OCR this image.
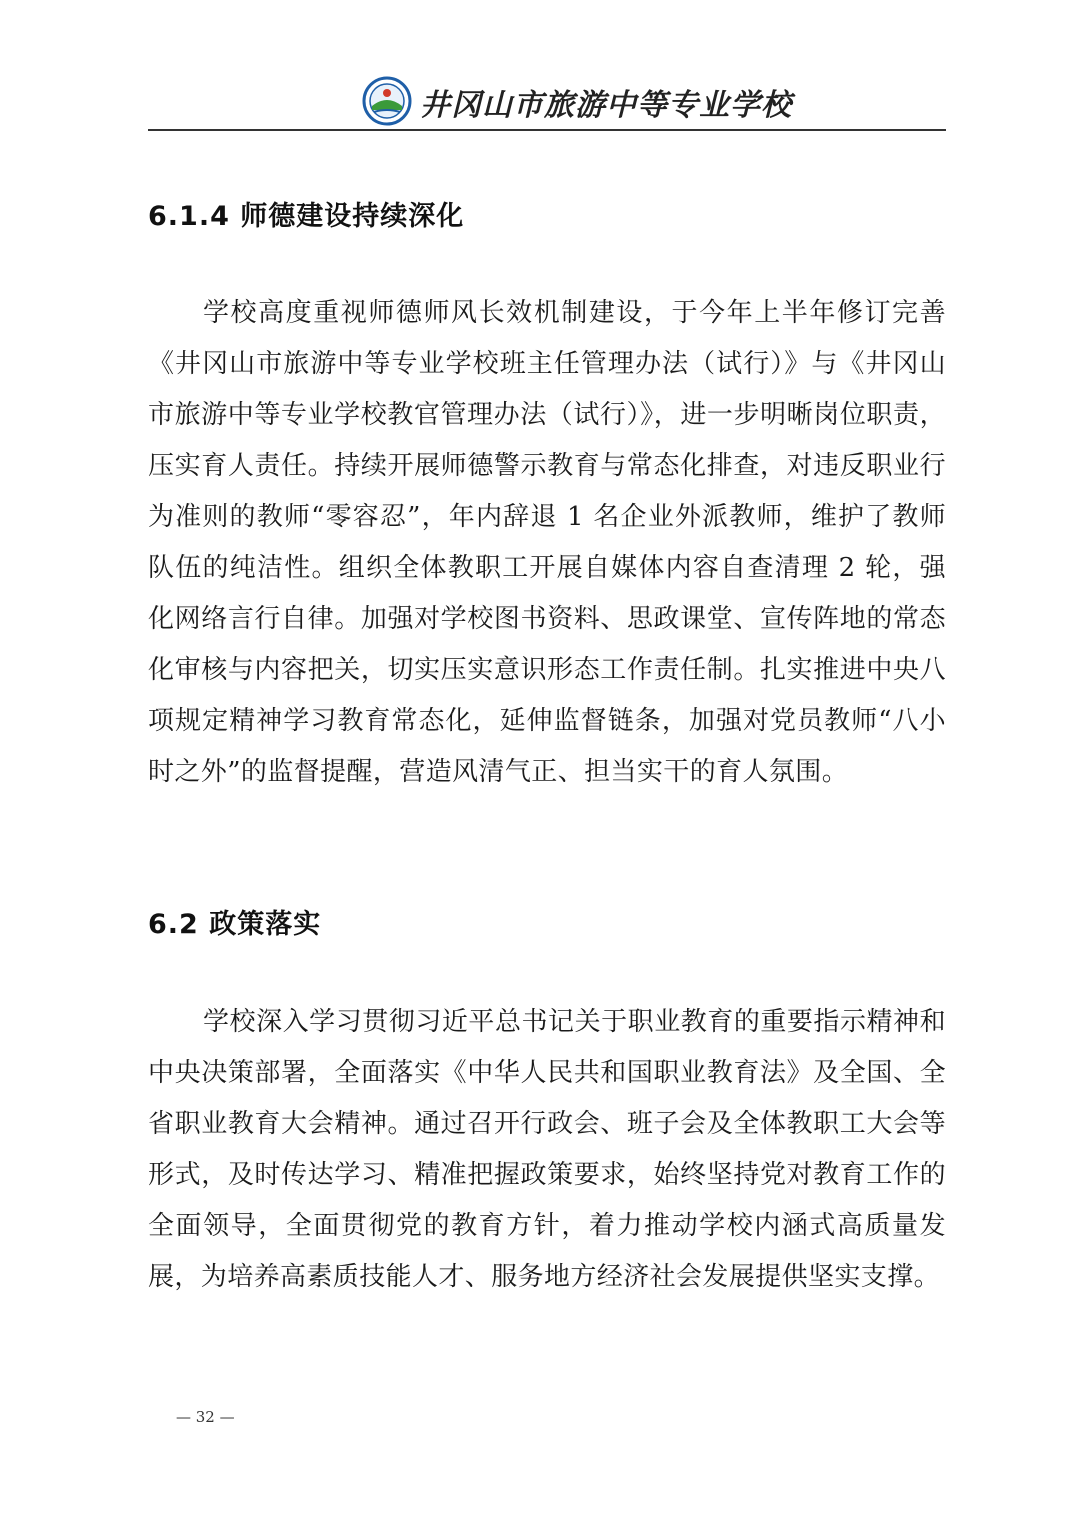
井冈山市旅游中等专业学校
6.1.4 师德建设持续深化

学校高度重视师德师风长效机制建设，于今年上半年修订完善《井冈山市旅游中等专业学校班主任管理办法（试行）》与《井冈山市旅游中等专业学校教官管理办法（试行）》，进一步明晰岗位职责，压实育人责任。持续开展师德警示教育与常态化排查，对违反职业行为准则的教师“零容忍”，年内辞退 1 名企业外派教师，维护了教师队伍的纯洁性。组织全体教职工开展自媒体内容自查清理 2 轮，强化网络言行自律。加强对学校图书资料、思政课堂、宣传阵地的常态化审核与内容把关，切实压实意识形态工作责任制。扎实推进中央八项规定精神学习教育常态化，延伸监督链条，加强对党员教师“八小时之外”的监督提醒，营造风清气正、担当实干的育人氛围。

6.2 政策落实

学校深入学习贯彻习近平总书记关于职业教育的重要指示精神和中央决策部署，全面落实《中华人民共和国职业教育法》及全国、全省职业教育大会精神。通过召开行政会、班子会及全体教职工大会等形式，及时传达学习、精准把握政策要求，始终坚持党对教育工作的全面领导，全面贯彻党的教育方针，着力推动学校内涵式高质量发展，为培养高素质技能人才、服务地方经济社会发展提供坚实支撑。

— 32 —
